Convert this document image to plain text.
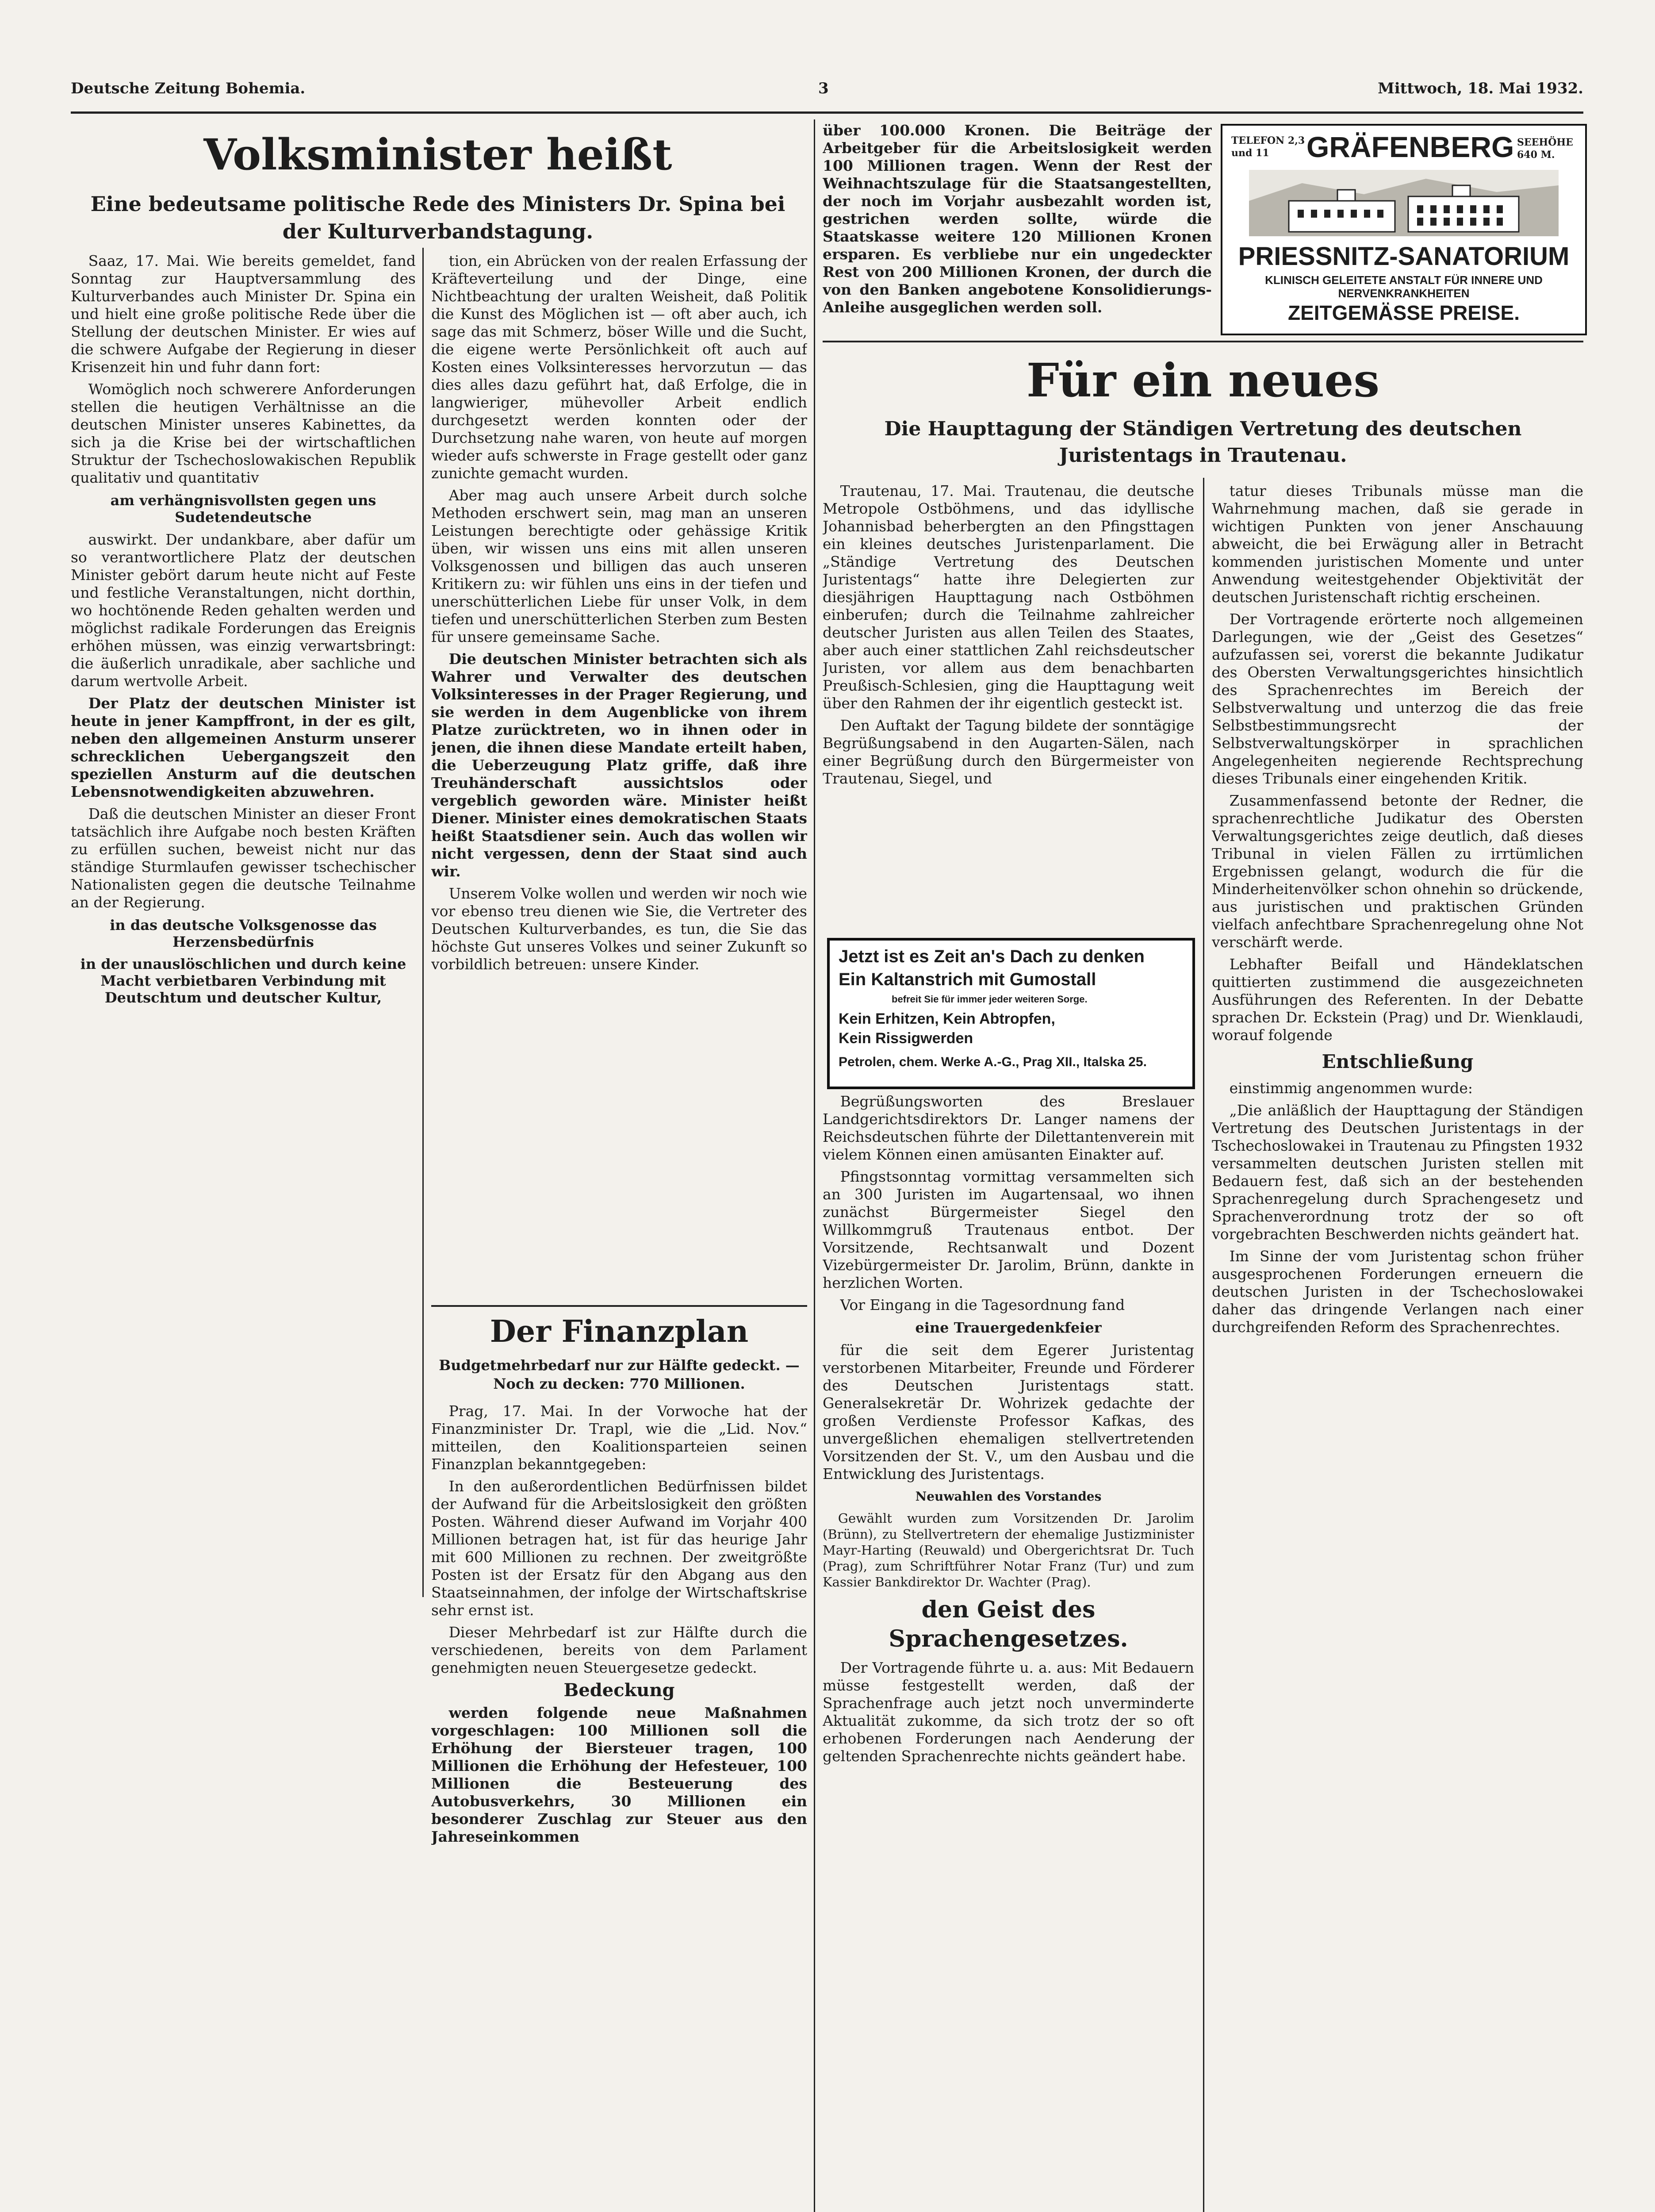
Deutsche Zeitung Bohemia.	3	Mittwoch, 18. Mai 1932.
Volksminister heißt
Eine bedeutsame politische Rede des Ministers Dr. Spina bei der Kulturverbandstagung.

Saaz, 17. Mai. Wie bereits gemeldet, fand Sonntag zur Hauptversammlung des Kulturverbandes auch Minister Dr. Spina ein und hielt eine große politische Rede über die Stellung der deutschen Minister. Er wies auf die schwere Aufgabe der Regierung in dieser Krisenzeit hin und fuhr dann fort:

Womöglich noch schwerere Anforderungen stellen die heutigen Verhältnisse an die deutschen Minister unseres Kabinettes, da sich ja die Krise bei der wirtschaftlichen Struktur der Tschechoslowakischen Republik qualitativ und quantitativ

am verhängnisvollsten gegen uns Sudetendeutsche

auswirkt. Der undankbare, aber dafür um so verantwortlichere Platz der deutschen Minister gebört darum heute nicht auf Feste und festliche Veranstaltungen, nicht dorthin, wo hochtönende Reden gehalten werden und möglichst radikale Forderungen das Ereignis erhöhen müssen, was einzig verwartsbringt: die äußerlich unradikale, aber sachliche und darum wertvolle Arbeit.

Der Platz der deutschen Minister ist heute in jener Kampffront, in der es gilt, neben den allgemeinen Ansturm unserer schrecklichen Uebergangszeit den speziellen Ansturm auf die deutschen Lebensnotwendigkeiten abzuwehren.

Daß die deutschen Minister an dieser Front tatsächlich ihre Aufgabe noch besten Kräften zu erfüllen suchen, beweist nicht nur das ständige Sturmlaufen gewisser tschechischer Nationalisten gegen die deutsche Teilnahme an der Regierung.

in das deutsche Volksgenosse das Herzensbedürfnis
in der unauslöschlichen und durch keine Macht verbietbaren Verbindung mit Deutschtum und deutscher Kultur,

tion, ein Abrücken von der realen Erfassung der Kräfteverteilung und der Dinge, eine Nichtbeachtung der uralten Weisheit, daß Politik die Kunst des Möglichen ist — oft aber auch, ich sage das mit Schmerz, böser Wille und die Sucht, die eigene werte Persönlichkeit oft auch auf Kosten eines Volksinteresses hervorzutun — das dies alles dazu geführt hat, daß Erfolge, die in langwieriger, mühevoller Arbeit endlich durchgesetzt werden konnten oder der Durchsetzung nahe waren, von heute auf morgen wieder aufs schwerste in Frage gestellt oder ganz zunichte gemacht wurden.

Aber mag auch unsere Arbeit durch solche Methoden erschwert sein, mag man an unseren Leistungen berechtigte oder gehässige Kritik üben, wir wissen uns eins mit allen unseren Volksgenossen und billigen das auch unseren Kritikern zu: wir fühlen uns eins in der tiefen und unerschütterlichen Liebe für unser Volk, in dem tiefen und unerschütterlichen Sterben zum Besten für unsere gemeinsame Sache.

Die deutschen Minister betrachten sich als Wahrer und Verwalter des deutschen Volksinteresses in der Prager Regierung, und sie werden in dem Augenblicke von ihrem Platze zurücktreten, wo in ihnen oder in jenen, die ihnen diese Mandate erteilt haben, die Ueberzeugung Platz griffe, daß ihre Treuhänderschaft aussichtslos oder vergeblich geworden wäre. Minister heißt Diener. Minister eines demokratischen Staats heißt Staatsdiener sein. Auch das wollen wir nicht vergessen, denn der Staat sind auch wir.

Unserem Volke wollen und werden wir noch wie vor ebenso treu dienen wie Sie, die Vertreter des Deutschen Kulturverbandes, es tun, die Sie das höchste Gut unseres Volkes und seiner Zukunft so vorbildlich betreuen: unsere Kinder.

Der Finanzplan
Budgetmehrbedarf nur zur Hälfte gedeckt. — Noch zu decken: 770 Millionen.

Prag, 17. Mai. In der Vorwoche hat der Finanzminister Dr. Trapl, wie die „Lid. Nov.“ mitteilen, den Koalitionsparteien seinen Finanzplan bekanntgegeben:

In den außerordentlichen Bedürfnissen bildet der Aufwand für die Arbeitslosigkeit den größten Posten. Während dieser Aufwand im Vorjahr 400 Millionen betragen hat, ist für das heurige Jahr mit 600 Millionen zu rechnen. Der zweitgrößte Posten ist der Ersatz für den Abgang aus den Staatseinnahmen, der infolge der Wirtschaftskrise sehr ernst ist.

Dieser Mehrbedarf ist zur Hälfte durch die verschiedenen, bereits von dem Parlament genehmigten neuen Steuergesetze gedeckt.

Bedeckung

werden folgende neue Maßnahmen vorgeschlagen: 100 Millionen soll die Erhöhung der Biersteuer tragen, 100 Millionen die Erhöhung der Hefesteuer, 100 Millionen die Besteuerung des Autobusverkehrs, 30 Millionen ein besonderer Zuschlag zur Steuer aus den Jahreseinkommen

über 100.000 Kronen. Die Beiträge der Arbeitgeber für die Arbeitslosigkeit werden 100 Millionen tragen. Wenn der Rest der Weihnachtszulage für die Staatsangestellten, der noch im Vorjahr ausbezahlt worden ist, gestrichen werden sollte, würde die Staatskasse weitere 120 Millionen Kronen ersparen. Es verbliebe nur ein ungedeckter Rest von 200 Millionen Kronen, der durch die von den Banken angebotene Konsolidierungs-Anleihe ausgeglichen werden soll.

TELEFON 2,3 und 11	GRÄFENBERG SEEHÖHE 640 M.
PRIESSNITZ-SANATORIUM
KLINISCH GELEITETE ANSTALT FÜR INNERE UND
NERVENKRANKHEITEN
ZEITGEMÄSSE PREISE.
Für ein neues
Die Haupttagung der Ständigen Vertretung des deutschen Juristentags in Trautenau.

Trautenau, 17. Mai. Trautenau, die deutsche Metropole Ostböhmens, und das idyllische Johannisbad beherbergten an den Pfingsttagen ein kleines deutsches Juristenparlament. Die „Ständige Vertretung des Deutschen Juristentags“ hatte ihre Delegierten zur diesjährigen Haupttagung nach Ostböhmen einberufen; durch die Teilnahme zahlreicher deutscher Juristen aus allen Teilen des Staates, aber auch einer stattlichen Zahl reichsdeutscher Juristen, vor allem aus dem benachbarten Preußisch-Schlesien, ging die Haupttagung weit über den Rahmen der ihr eigentlich gesteckt ist.

Den Auftakt der Tagung bildete der sonntägige Begrüßungsabend in den Augarten-Sälen, nach einer Begrüßung durch den Bürgermeister von Trautenau, Siegel, und

Jetzt ist es Zeit an's Dach zu denken
Ein Kaltanstrich mit Gumostall
befreit Sie für immer jeder weiteren Sorge.
Kein Erhitzen, Kein Abtropfen,
Kein Rissigwerden
Petrolen, chem. Werke A.-G., Prag XII., Italska 25.

Begrüßungsworten des Breslauer Landgerichtsdirektors Dr. Langer namens der Reichsdeutschen führte der Dilettantenverein mit vielem Können einen amüsanten Einakter auf.

Pfingstsonntag vormittag versammelten sich an 300 Juristen im Augartensaal, wo ihnen zunächst Bürgermeister Siegel den Willkommgruß Trautenaus entbot. Der Vorsitzende, Rechtsanwalt und Dozent Vizebürgermeister Dr. Jarolim, Brünn, dankte in herzlichen Worten.

Vor Eingang in die Tagesordnung fand

eine Trauergedenkfeier

für die seit dem Egerer Juristentag verstorbenen Mitarbeiter, Freunde und Förderer des Deutschen Juristentags statt. Generalsekretär Dr. Wohrizek gedachte der großen Verdienste Professor Kafkas, des unvergeßlichen ehemaligen stellvertretenden Vorsitzenden der St. V., um den Ausbau und die Entwicklung des Juristentags.

Neuwahlen des Vorstandes

Gewählt wurden zum Vorsitzenden Dr. Jarolim (Brünn), zu Stellvertretern der ehemalige Justizminister Mayr-Harting (Reuwald) und Obergerichtsrat Dr. Tuch (Prag), zum Schriftführer Notar Franz (Tur) und zum Kassier Bankdirektor Dr. Wachter (Prag).

den Geist des Sprachengesetzes.

Der Vortragende führte u. a. aus: Mit Bedauern müsse festgestellt werden, daß der Sprachenfrage auch jetzt noch unverminderte Aktualität zukomme, da sich trotz der so oft erhobenen Forderungen nach Aenderung der geltenden Sprachenrechte nichts geändert habe.

tatur dieses Tribunals müsse man die Wahrnehmung machen, daß sie gerade in wichtigen Punkten von jener Anschauung abweicht, die bei Erwägung aller in Betracht kommenden juristischen Momente und unter Anwendung weitestgehender Objektivität der deutschen Juristenschaft richtig erscheinen.

Der Vortragende erörterte noch allgemeinen Darlegungen, wie der „Geist des Gesetzes“ aufzufassen sei, vorerst die bekannte Judikatur des Obersten Verwaltungsgerichtes hinsichtlich des Sprachenrechtes im Bereich der Selbstverwaltung und unterzog die das freie Selbstbestimmungsrecht der Selbstverwaltungskörper in sprachlichen Angelegenheiten negierende Rechtsprechung dieses Tribunals einer eingehenden Kritik.

Zusammenfassend betonte der Redner, die sprachenrechtliche Judikatur des Obersten Verwaltungsgerichtes zeige deutlich, daß dieses Tribunal in vielen Fällen zu irrtümlichen Ergebnissen gelangt, wodurch die für die Minderheitenvölker schon ohnehin so drückende, aus juristischen und praktischen Gründen vielfach anfechtbare Sprachenregelung ohne Not verschärft werde.

Lebhafter Beifall und Händeklatschen quittierten zustimmend die ausgezeichneten Ausführungen des Referenten. In der Debatte sprachen Dr. Eckstein (Prag) und Dr. Wienklaudi, worauf folgende

Entschließung

einstimmig angenommen wurde:

„Die anläßlich der Haupttagung der Ständigen Vertretung des Deutschen Juristentags in der Tschechoslowakei in Trautenau zu Pfingsten 1932 versammelten deutschen Juristen stellen mit Bedauern fest, daß sich an der bestehenden Sprachenregelung durch Sprachengesetz und Sprachenverordnung trotz der so oft vorgebrachten Beschwerden nichts geändert hat.

Im Sinne der vom Juristentag schon früher ausgesprochenen Forderungen erneuern die deutschen Juristen in der Tschechoslowakei daher das dringende Verlangen nach einer durchgreifenden Reform des Sprachenrechtes.
